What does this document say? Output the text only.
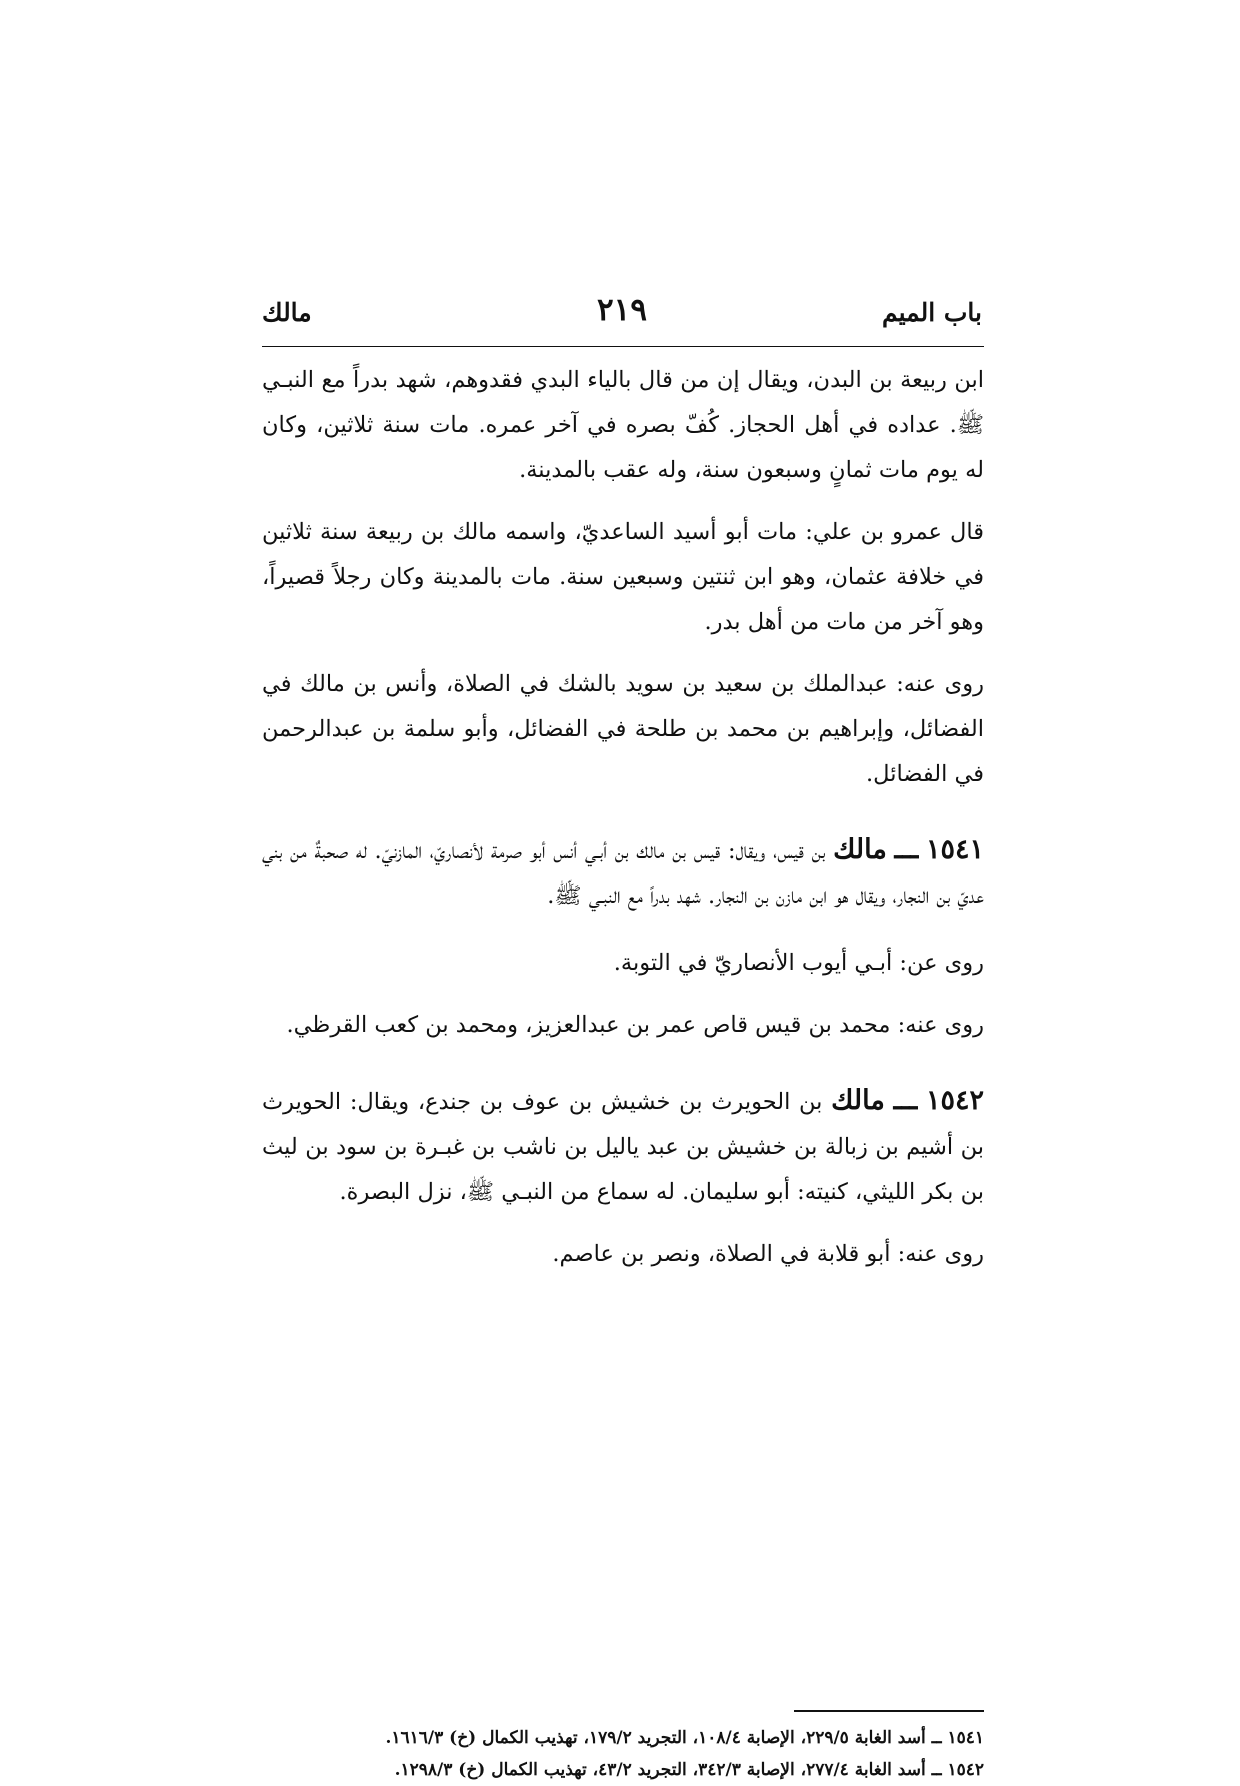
باب الميم
٢١٩
مالك

ابن ربيعة بن البدن، ويقال إن من قال بالياء البدي فقدوهم، شهد بدراً مع النبـي ﷺ. عداده في أهل الحجاز. كُفّ بصره في آخر عمره. مات سنة ثلاثين، وكان له يوم مات ثمانٍ وسبعون سنة، وله عقب بالمدينة.

قال عمرو بن علي: مات أبو أسيد الساعديّ، واسمه مالك بن ربيعة سنة ثلاثين في خلافة عثمان، وهو ابن ثنتين وسبعين سنة. مات بالمدينة وكان رجلاً قصيراً، وهو آخر من مات من أهل بدر.

روى عنه: عبدالملك بن سعيد بن سويد بالشك في الصلاة، وأنس بن مالك في الفضائل، وإبراهيم بن محمد بن طلحة في الفضائل، وأبو سلمة بن عبدالرحمن في الفضائل.

١٥٤١ ـــ مالك بن قيس، ويقال: قيس بن مالك بن أبـي أنس أبو صرمة لأنصاريّ، المازنيّ. له صحبةٌ من بني عديّ بن النجار، ويقال هو ابن مازن بن النجار. شهد بدراً مع النبـي ﷺ.

روى عن: أبـي أيوب الأنصاريّ في التوبة.

روى عنه: محمد بن قيس قاص عمر بن عبدالعزيز، ومحمد بن كعب القرظي.

١٥٤٢ ـــ مالك بن الحويرث بن خشيش بن عوف بن جندع، ويقال: الحويرث بن أشيم بن زبالة بن خشيش بن عبد ياليل بن ناشب بن غبـرة بن سود بن ليث بن بكر الليثي، كنيته: أبو سليمان. له سماع من النبـي ﷺ، نزل البصرة.

روى عنه: أبو قلابة في الصلاة، ونصر بن عاصم.

١٥٤١ ــ أسد الغابة ٢٢٩/٥، الإصابة ١٠٨/٤، التجريد ١٧٩/٢، تهذيب الكمال (خ) ١٦١٦/٣.

١٥٤٢ ــ أسد الغابة ٢٧٧/٤، الإصابة ٣٤٢/٣، التجريد ٤٣/٢، تهذيب الكمال (خ) ١٢٩٨/٣.
